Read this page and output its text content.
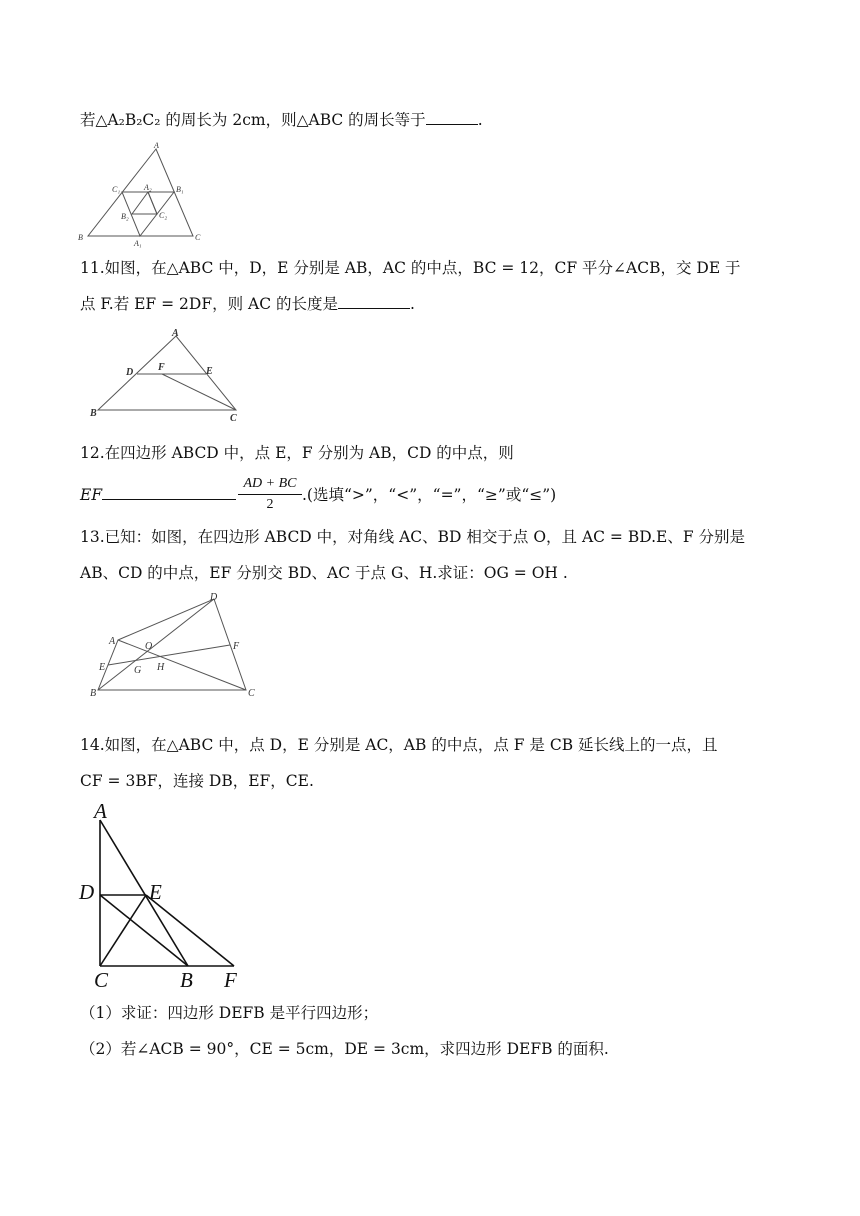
若△A₂B₂C₂ 的周长为 2cm，则△ABC 的周长等于	.
A
B	C
C₁	B₁
A₂
B₂	C₂
A₁
11.如图，在△ABC 中，D，E 分别是 AB，AC 的中点，BC = 12，CF 平分∠ACB，交 DE 于
点 F.若 EF = 2DF，则 AC 的长度是	.
A
D F	E
B	C
12.在四边形 ABCD 中，点 E，F 分别为 AB，CD 的中点，则
EF	$\frac{AD + BC}{2}$ .(选填“>”，“<”，“=”，“≥”或“≤”)
13.已知：如图，在四边形 ABCD 中，对角线 AC、BD 相交于点 O，且 AC = BD.E、F 分别是
AB、CD 的中点，EF 分别交 BD、AC 于点 G、H.求证：OG = OH .
D
A	O	F
E	H
G
B	C
14.如图，在△ABC 中，点 D，E 分别是 AC，AB 的中点，点 F 是 CB 延长线上的一点，且
CF = 3BF，连接 DB，EF，CE.
A
D	E
C	B F
（1）求证：四边形 DEFB 是平行四边形；
（2）若∠ACB = 90°，CE = 5cm，DE = 3cm，求四边形 DEFB 的面积.
